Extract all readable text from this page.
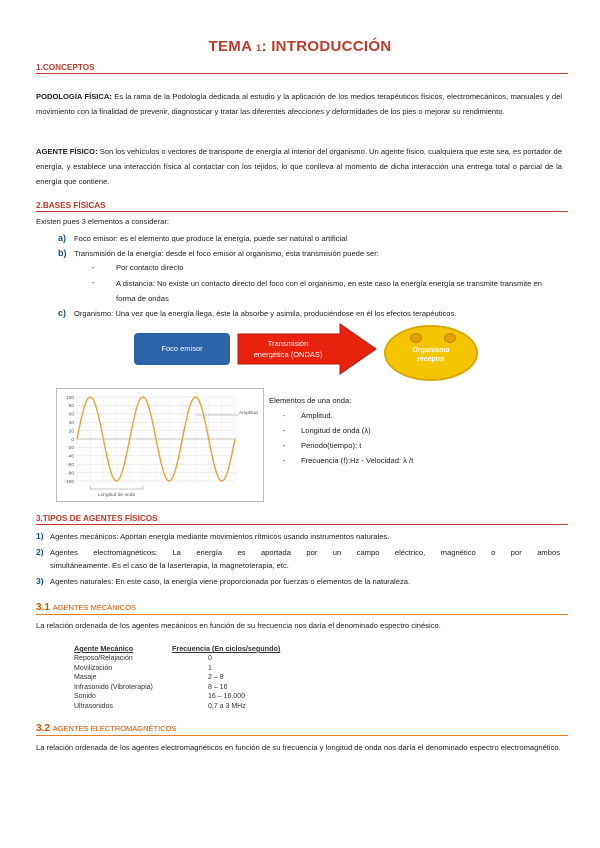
TEMA 1: INTRODUCCIÓN
1.CONCEPTOS
PODOLOGÍA FÍSICA: Es la rama de la Podología dedicada al estudio y la aplicación de los medios terapéuticos físicos, electromecánicos, manuales y del movimiento con la finalidad de prevenir, diagnosticar y tratar las diferentes afecciones y deformidades de los pies o mejorar su rendimiento.
AGENTE FÍSICO: Son los vehículos o vectores de transporte de energía al interior del organismo. Un agente físico, cualquiera que este sea, es portador de energía, y establece una interacción física al contactar con los tejidos, lo que conlleva al momento de dicha interacción una entrega total o parcial de la energía que contiene.
2.BASES FÍSICAS
Existen pues 3 elementos a considerar:
a) Foco emisor: es el elemento que produce la energía, puede ser natural o artificial
b) Transmisión de la energía: desde el foco emisor al organismo, esta transmisión puede ser:
-	Por contacto directo
-	A distancia: No existe un contacto directo del foco con el organismo, en este caso la energía energía se transmite transmite en forma de ondas
c) Organismo: Una vez que la energía llega, éste la absorbe y asimila, produciéndose en él los efectos terapéuticos.
Foco emisor
Transmisión
energética (ONDAS)	Organismo
receptor
100
80
60
40
20
0
-20
-40
-60
-80
-100
Amplitud
Longitud de onda
Elementos de una onda:
- Amplitud.
- Longitud de onda (λ)
- Periodo(tiempo): t
- Frecuencia (f):Hz - Velocidad: λ /t
3.TIPOS DE AGENTES FÍSICOS
1) Agentes mecánicos: Aportan energía mediante movimientos rítmicos usando instrumentos naturales.
2) Agentes electromagnéticos: La energía es aportada por un campo eléctrico, magnético o por ambos
simultáneamente. Es el caso de la laserterapia, la magnetoterapia, etc.
3) Agentes naturales: En este caso, la energía viene proporcionada por fuerzas o elementos de la naturaleza.
3.1 AGENTES MECÁNICOS
La relación ordenada de los agentes mecánicos en función de su frecuencia nos daría el denominado espectro cinésico.
Agente Mecánico	Frecuencia (En ciclos/segundo)
Reposo/Relajación	0
Movilización	1
Masaje	2 – 8
Infrasonido (Vibroterapia)	8 – 16
Sonido	16 – 16.000
Ultrasonidos	0,7 a 3 MHz
3.2 AGENTES ELECTROMAGNÉTICOS
La relación ordenada de los agentes electromagnéticos en función de su frecuencia y longitud de onda nos daría el denominado espectro electromagnético.
